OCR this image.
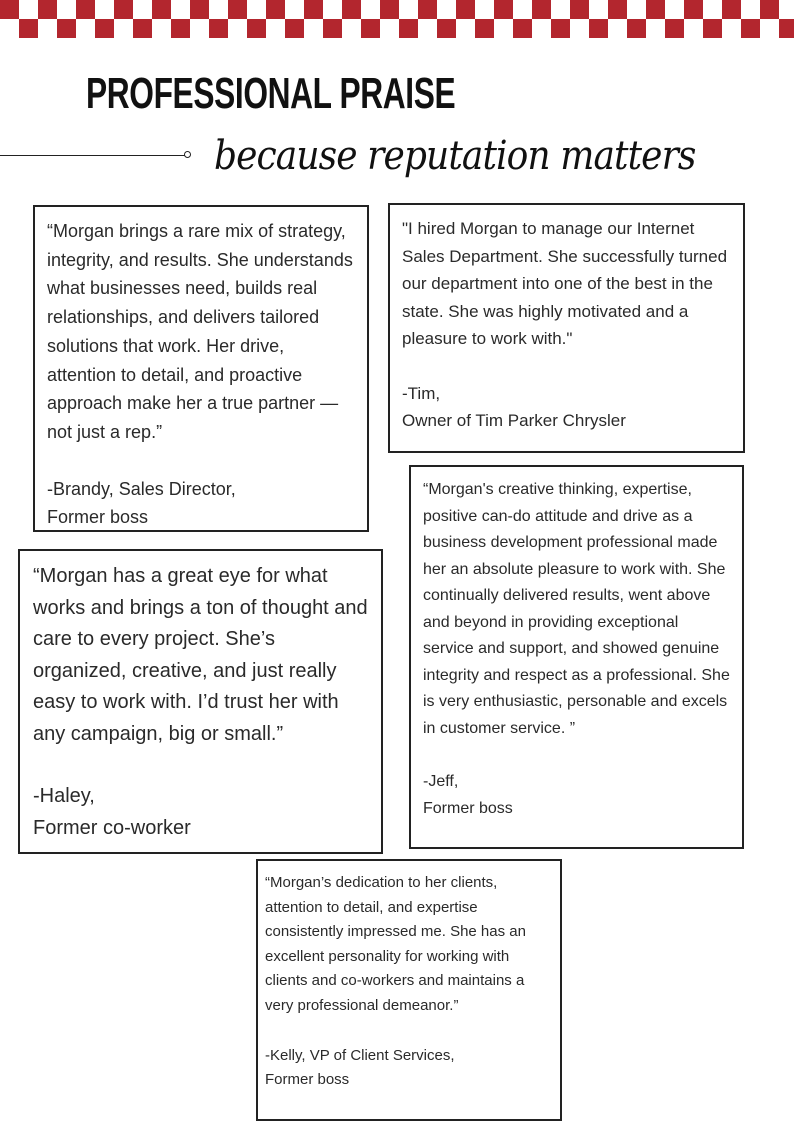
PROFESSIONAL PRAISE
because reputation matters

“Morgan brings a rare mix of strategy, integrity, and results. She understands what businesses need, builds real relationships, and delivers tailored solutions that work. Her drive, attention to detail, and proactive approach make her a true partner — not just a rep.”

-Brandy, Sales Director,

Former boss

"I hired Morgan to manage our Internet Sales Department. She successfully turned our department into one of the best in the state. She was highly motivated and a pleasure to work with."

-Tim,

Owner of Tim Parker Chrysler

“Morgan's creative thinking, expertise, positive can-do attitude and drive as a business development professional made her an absolute pleasure to work with. She continually delivered results, went above and beyond in providing exceptional service and support, and showed genuine integrity and respect as a professional. She is very enthusiastic, personable and excels in customer service. ”

-Jeff,

Former boss

“Morgan has a great eye for what works and brings a ton of thought and care to every project. She’s organized, creative, and just really easy to work with. I’d trust her with any campaign, big or small.”

-Haley,

Former co-worker

“Morgan’s dedication to her clients, attention to detail, and expertise consistently impressed me. She has an excellent personality for working with clients and co-workers and maintains a very professional demeanor.”

-Kelly, VP of Client Services,

Former boss
